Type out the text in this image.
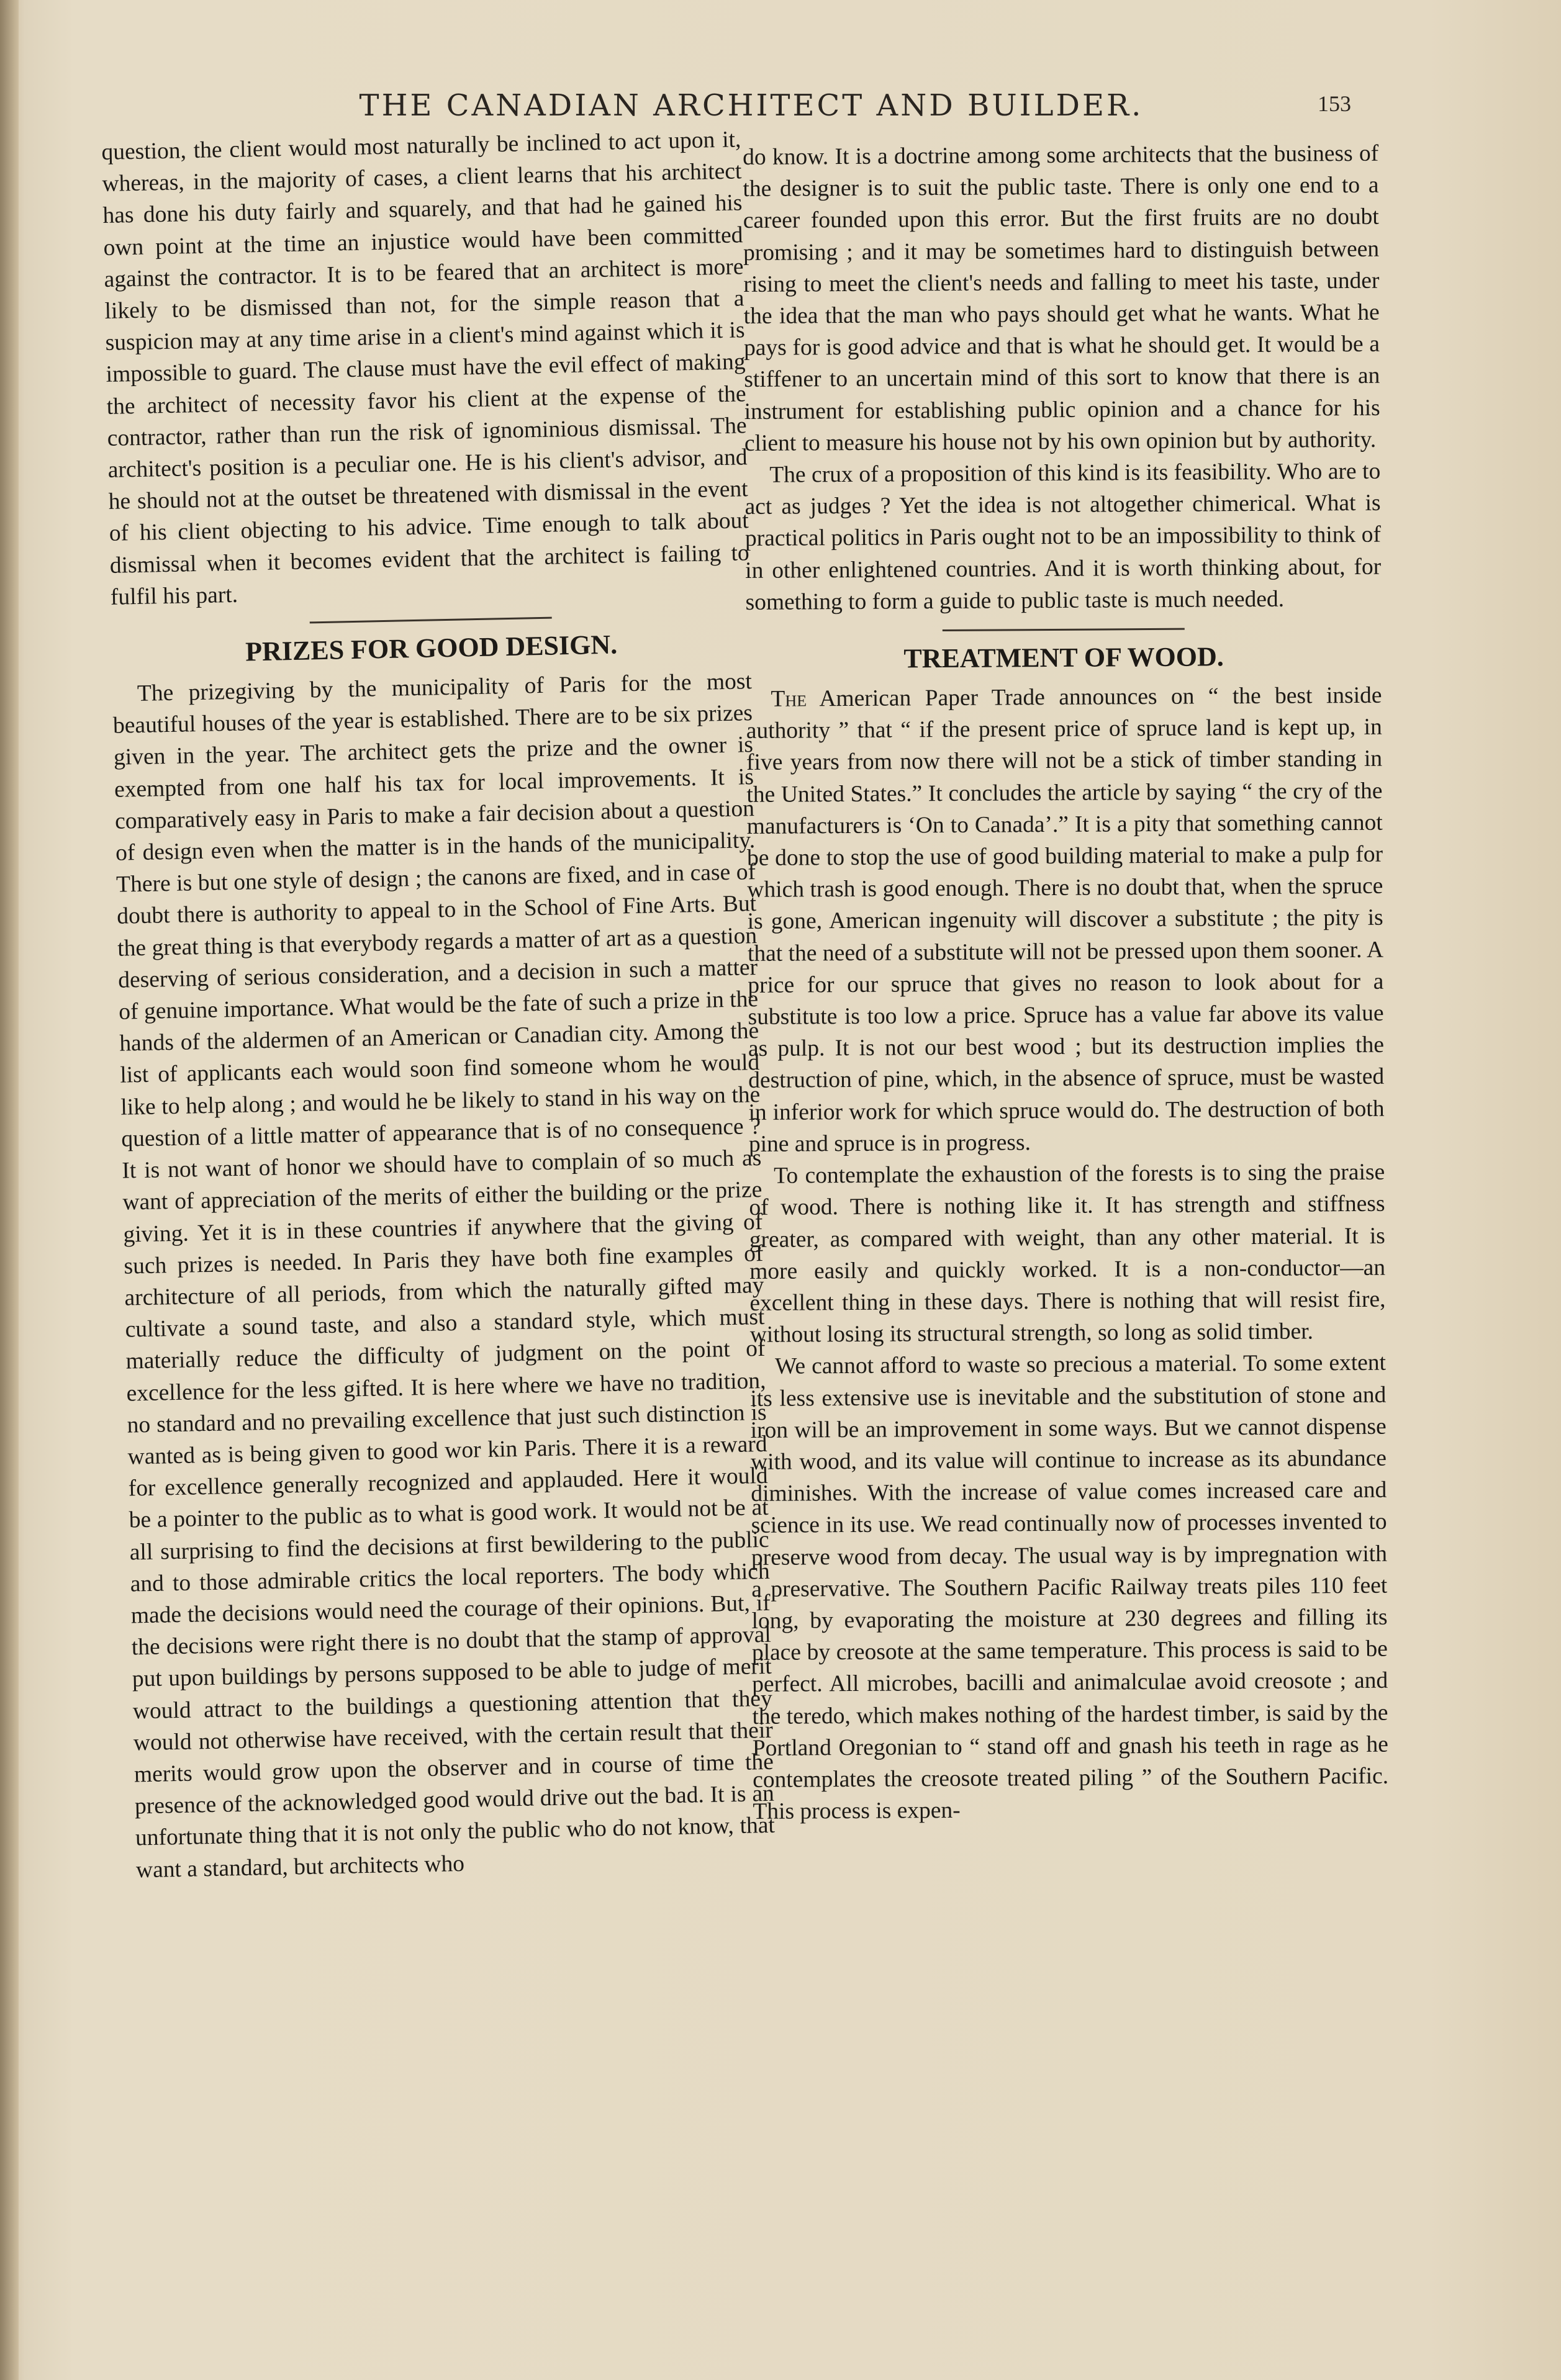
THE CANADIAN ARCHITECT AND BUILDER.	153

question, the client would most naturally be inclined to act upon it, whereas, in the majority of cases, a client learns that his architect has done his duty fairly and squarely, and that had he gained his own point at the time an injustice would have been committed against the contractor. It is to be feared that an architect is more likely to be dismissed than not, for the simple reason that a suspicion may at any time arise in a client's mind against which it is impossible to guard. The clause must have the evil effect of making the architect of necessity favor his client at the expense of the contractor, rather than run the risk of ignominious dismissal. The architect's position is a peculiar one. He is his client's advisor, and he should not at the outset be threatened with dismissal in the event of his client objecting to his advice. Time enough to talk about dismissal when it becomes evident that the architect is failing to fulfil his part.

PRIZES FOR GOOD DESIGN.

The prizegiving by the municipality of Paris for the most beautiful houses of the year is established. There are to be six prizes given in the year. The architect gets the prize and the owner is exempted from one half his tax for local improvements. It is comparatively easy in Paris to make a fair decision about a question of design even when the matter is in the hands of the municipality. There is but one style of design ; the canons are fixed, and in case of doubt there is authority to appeal to in the School of Fine Arts. But the great thing is that everybody regards a matter of art as a question deserving of serious consideration, and a decision in such a matter of genuine importance. What would be the fate of such a prize in the hands of the aldermen of an American or Canadian city. Among the list of applicants each would soon find someone whom he would like to help along ; and would he be likely to stand in his way on the question of a little matter of appearance that is of no consequence ? It is not want of honor we should have to complain of so much as want of appreciation of the merits of either the building or the prize giving. Yet it is in these countries if anywhere that the giving of such prizes is needed. In Paris they have both fine examples of architecture of all periods, from which the naturally gifted may cultivate a sound taste, and also a standard style, which must materially reduce the difficulty of judgment on the point of excellence for the less gifted. It is here where we have no tradition, no standard and no prevailing excellence that just such distinction is wanted as is being given to good wor kin Paris. There it is a reward for excellence generally recognized and applauded. Here it would be a pointer to the public as to what is good work. It would not be at all surprising to find the decisions at first bewildering to the public and to those admirable critics the local reporters. The body which made the decisions would need the courage of their opinions. But, if the decisions were right there is no doubt that the stamp of approval put upon buildings by persons supposed to be able to judge of merit would attract to the buildings a questioning attention that they would not otherwise have received, with the certain result that their merits would grow upon the observer and in course of time the presence of the acknowledged good would drive out the bad. It is an unfortunate thing that it is not only the public who do not know, that want a standard, but architects who

do know. It is a doctrine among some architects that the business of the designer is to suit the public taste. There is only one end to a career founded upon this error. But the first fruits are no doubt promising ; and it may be sometimes hard to distinguish between rising to meet the client's needs and falling to meet his taste, under the idea that the man who pays should get what he wants. What he pays for is good advice and that is what he should get. It would be a stiffener to an uncertain mind of this sort to know that there is an instrument for establishing public opinion and a chance for his client to measure his house not by his own opinion but by authority.

The crux of a proposition of this kind is its feasibility. Who are to act as judges ? Yet the idea is not altogether chimerical. What is practical politics in Paris ought not to be an impossibility to think of in other enlightened countries. And it is worth thinking about, for something to form a guide to public taste is much needed.

TREATMENT OF WOOD.

The American Paper Trade announces on “ the best inside authority ” that “ if the present price of spruce land is kept up, in five years from now there will not be a stick of timber standing in the United States.” It concludes the article by saying “ the cry of the manufacturers is ‘On to Canada’.” It is a pity that something cannot be done to stop the use of good building material to make a pulp for which trash is good enough. There is no doubt that, when the spruce is gone, American ingenuity will discover a substitute ; the pity is that the need of a substitute will not be pressed upon them sooner. A price for our spruce that gives no reason to look about for a substitute is too low a price. Spruce has a value far above its value as pulp. It is not our best wood ; but its destruction implies the destruction of pine, which, in the absence of spruce, must be wasted in inferior work for which spruce would do. The destruction of both pine and spruce is in progress.

To contemplate the exhaustion of the forests is to sing the praise of wood. There is nothing like it. It has strength and stiffness greater, as compared with weight, than any other material. It is more easily and quickly worked. It is a non-conductor—an excellent thing in these days. There is nothing that will resist fire, without losing its structural strength, so long as solid timber.

We cannot afford to waste so precious a material. To some extent its less extensive use is inevitable and the substitution of stone and iron will be an improvement in some ways. But we cannot dispense with wood, and its value will continue to increase as its abundance diminishes. With the increase of value comes increased care and science in its use. We read continually now of processes invented to preserve wood from decay. The usual way is by impregnation with a preservative. The Southern Pacific Railway treats piles 110 feet long, by evaporating the moisture at 230 degrees and filling its place by creosote at the same temperature. This process is said to be perfect. All microbes, bacilli and animalculae avoid creosote ; and the teredo, which makes nothing of the hardest timber, is said by the Portland Oregonian to “ stand off and gnash his teeth in rage as he contemplates the creosote treated piling ” of the Southern Pacific. This process is expen-
